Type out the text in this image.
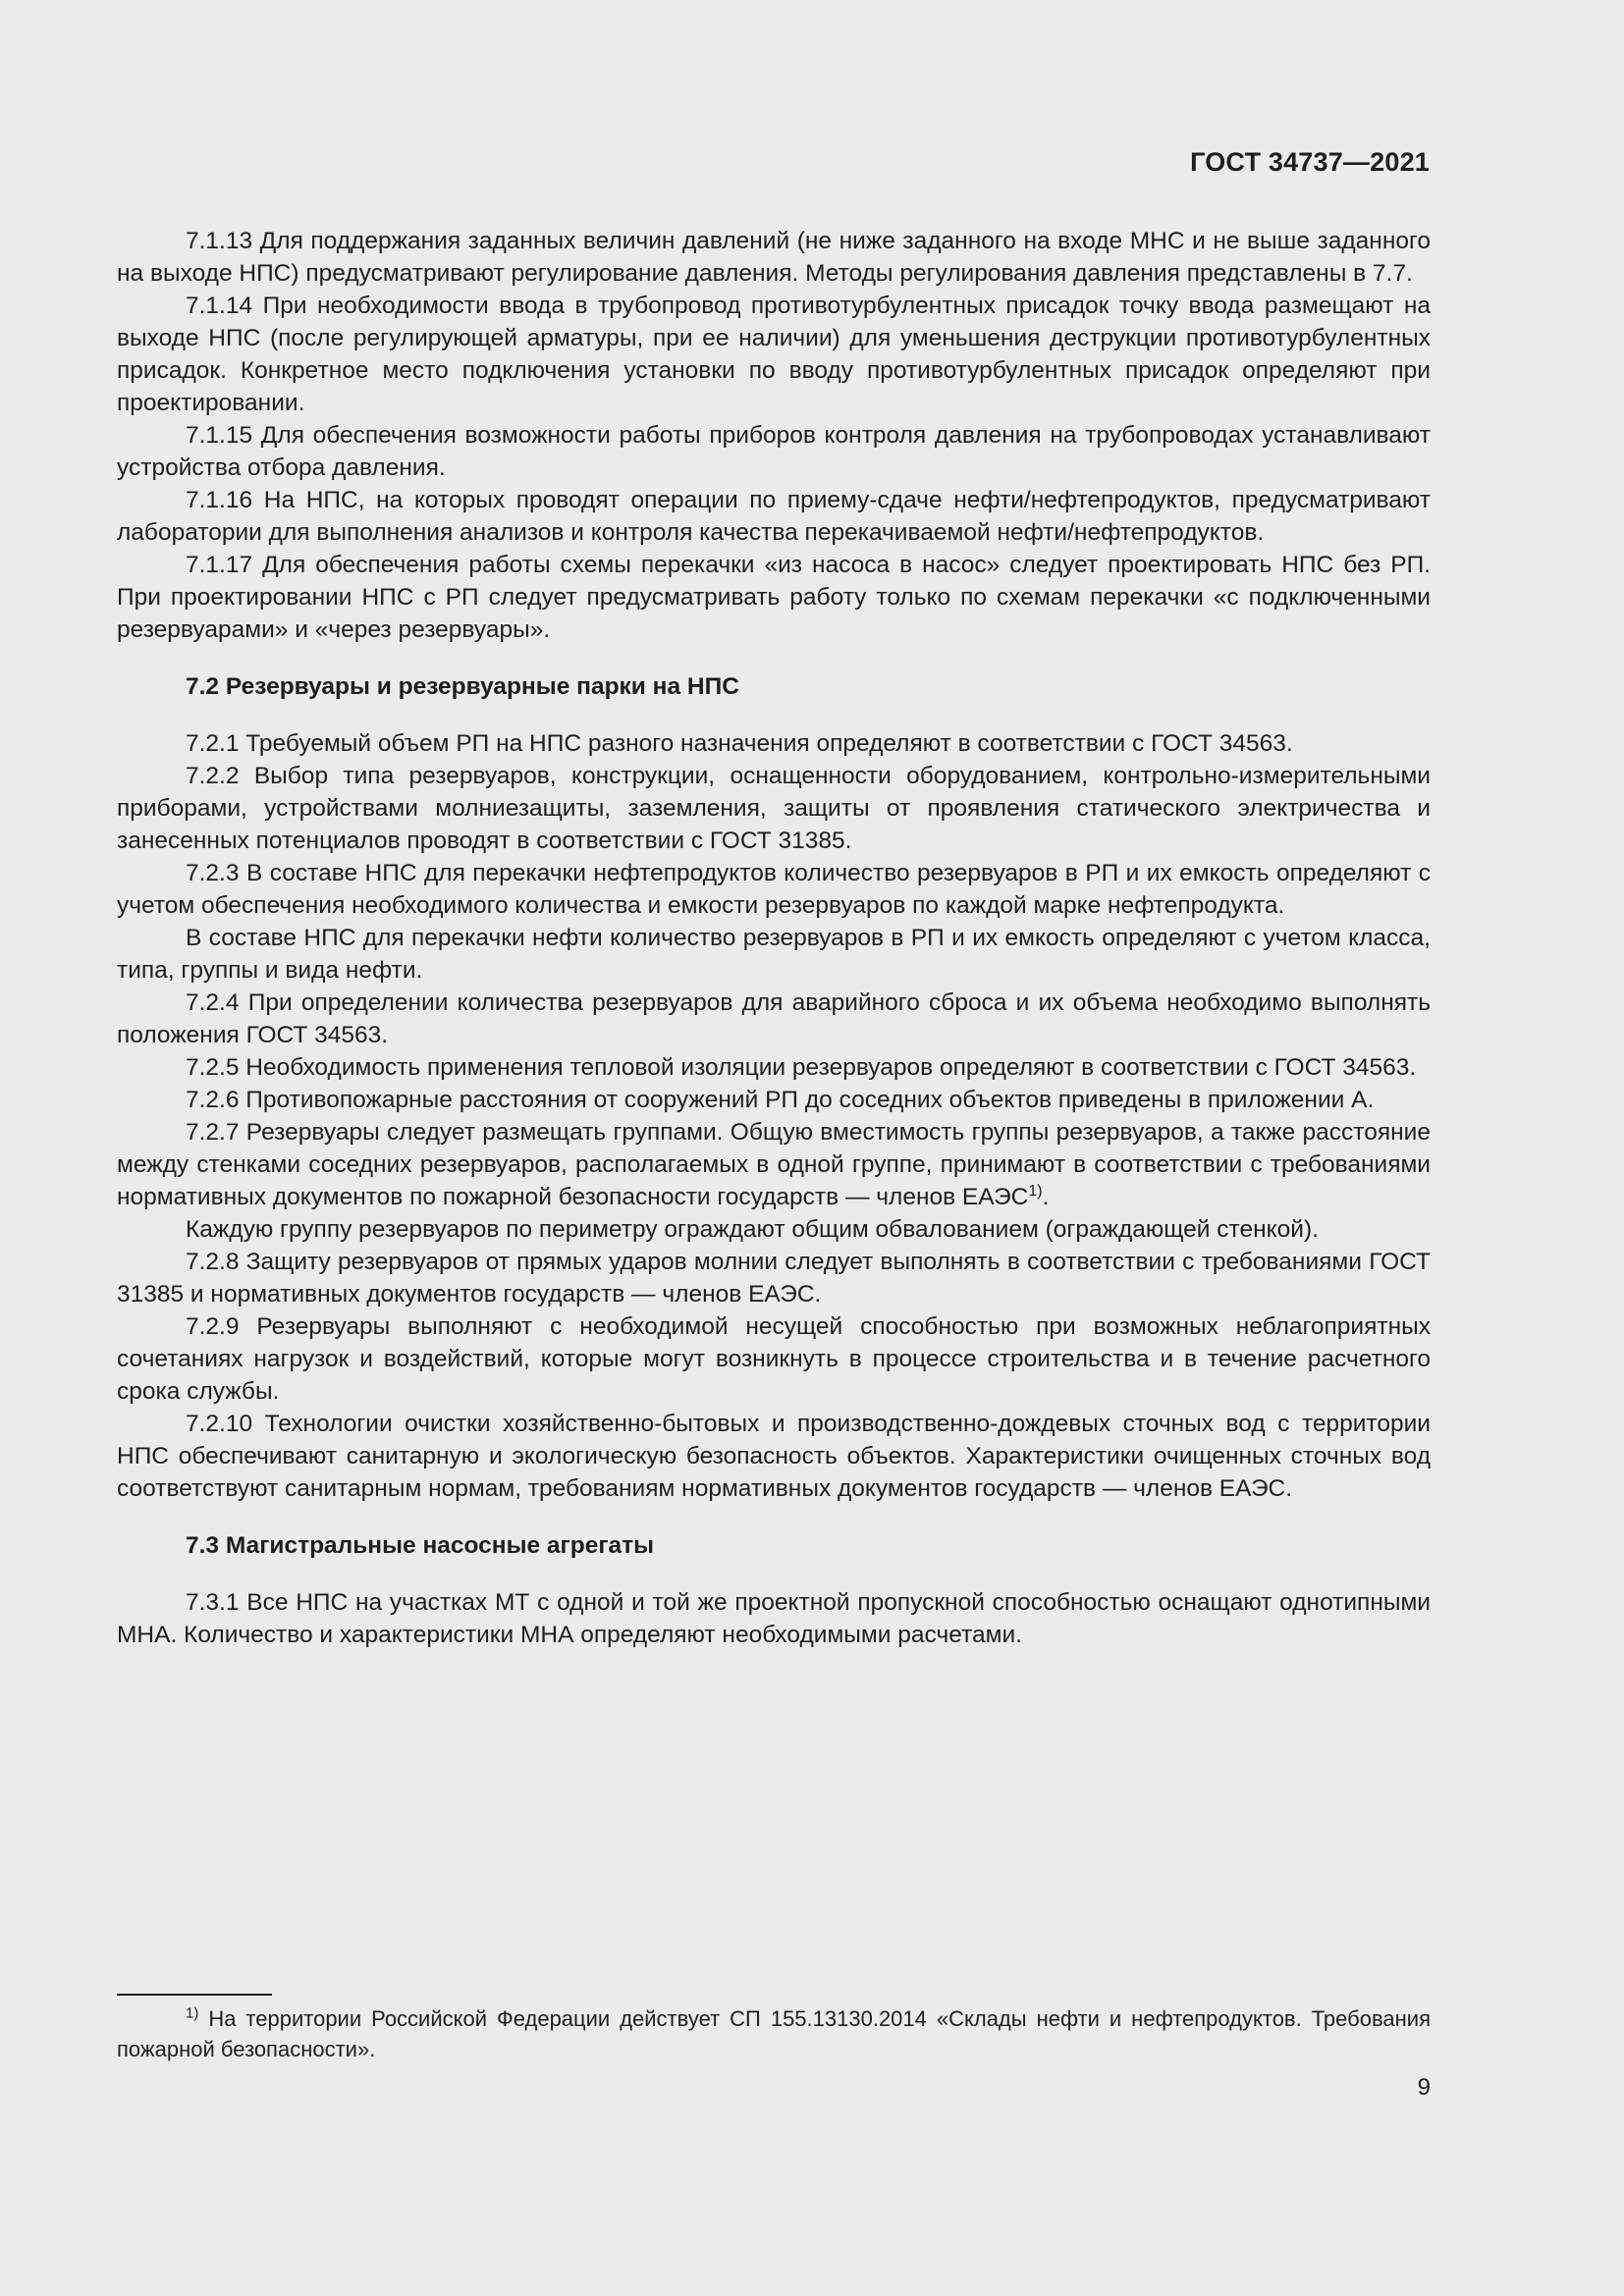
ГОСТ 34737—2021

7.1.13 Для поддержания заданных величин давлений (не ниже заданного на входе МНС и не выше заданного на выходе НПС) предусматривают регулирование давления. Методы регулирования давления представлены в 7.7.

7.1.14 При необходимости ввода в трубопровод противотурбулентных присадок точку ввода размещают на выходе НПС (после регулирующей арматуры, при ее наличии) для уменьшения деструкции противотурбулентных присадок. Конкретное место подключения установки по вводу противотурбулентных присадок определяют при проектировании.

7.1.15 Для обеспечения возможности работы приборов контроля давления на трубопроводах устанавливают устройства отбора давления.

7.1.16 На НПС, на которых проводят операции по приему-сдаче нефти/нефтепродуктов, предусматривают лаборатории для выполнения анализов и контроля качества перекачиваемой нефти/нефтепродуктов.

7.1.17 Для обеспечения работы схемы перекачки «из насоса в насос» следует проектировать НПС без РП. При проектировании НПС с РП следует предусматривать работу только по схемам перекачки «с подключенными резервуарами» и «через резервуары».

7.2 Резервуары и резервуарные парки на НПС

7.2.1 Требуемый объем РП на НПС разного назначения определяют в соответствии с ГОСТ 34563.

7.2.2 Выбор типа резервуаров, конструкции, оснащенности оборудованием, контрольно-измерительными приборами, устройствами молниезащиты, заземления, защиты от проявления статического электричества и занесенных потенциалов проводят в соответствии с ГОСТ 31385.

7.2.3 В составе НПС для перекачки нефтепродуктов количество резервуаров в РП и их емкость определяют с учетом обеспечения необходимого количества и емкости резервуаров по каждой марке нефтепродукта.

В составе НПС для перекачки нефти количество резервуаров в РП и их емкость определяют с учетом класса, типа, группы и вида нефти.

7.2.4 При определении количества резервуаров для аварийного сброса и их объема необходимо выполнять положения ГОСТ 34563.

7.2.5 Необходимость применения тепловой изоляции резервуаров определяют в соответствии с ГОСТ 34563.

7.2.6 Противопожарные расстояния от сооружений РП до соседних объектов приведены в приложении А.

7.2.7 Резервуары следует размещать группами. Общую вместимость группы резервуаров, а также расстояние между стенками соседних резервуаров, располагаемых в одной группе, принимают в соответствии с требованиями нормативных документов по пожарной безопасности государств — членов ЕАЭС$^{1)}$.

Каждую группу резервуаров по периметру ограждают общим обвалованием (ограждающей стенкой).

7.2.8 Защиту резервуаров от прямых ударов молнии следует выполнять в соответствии с требованиями ГОСТ 31385 и нормативных документов государств — членов ЕАЭС.

7.2.9 Резервуары выполняют с необходимой несущей способностью при возможных неблагоприятных сочетаниях нагрузок и воздействий, которые могут возникнуть в процессе строительства и в течение расчетного срока службы.

7.2.10 Технологии очистки хозяйственно-бытовых и производственно-дождевых сточных вод с территории НПС обеспечивают санитарную и экологическую безопасность объектов. Характеристики очищенных сточных вод соответствуют санитарным нормам, требованиям нормативных документов государств — членов ЕАЭС.

7.3 Магистральные насосные агрегаты

7.3.1 Все НПС на участках МТ с одной и той же проектной пропускной способностью оснащают однотипными МНА. Количество и характеристики МНА определяют необходимыми расчетами.

$^{1)}$ На территории Российской Федерации действует СП 155.13130.2014 «Склады нефти и нефтепродуктов. Требования пожарной безопасности».

9
